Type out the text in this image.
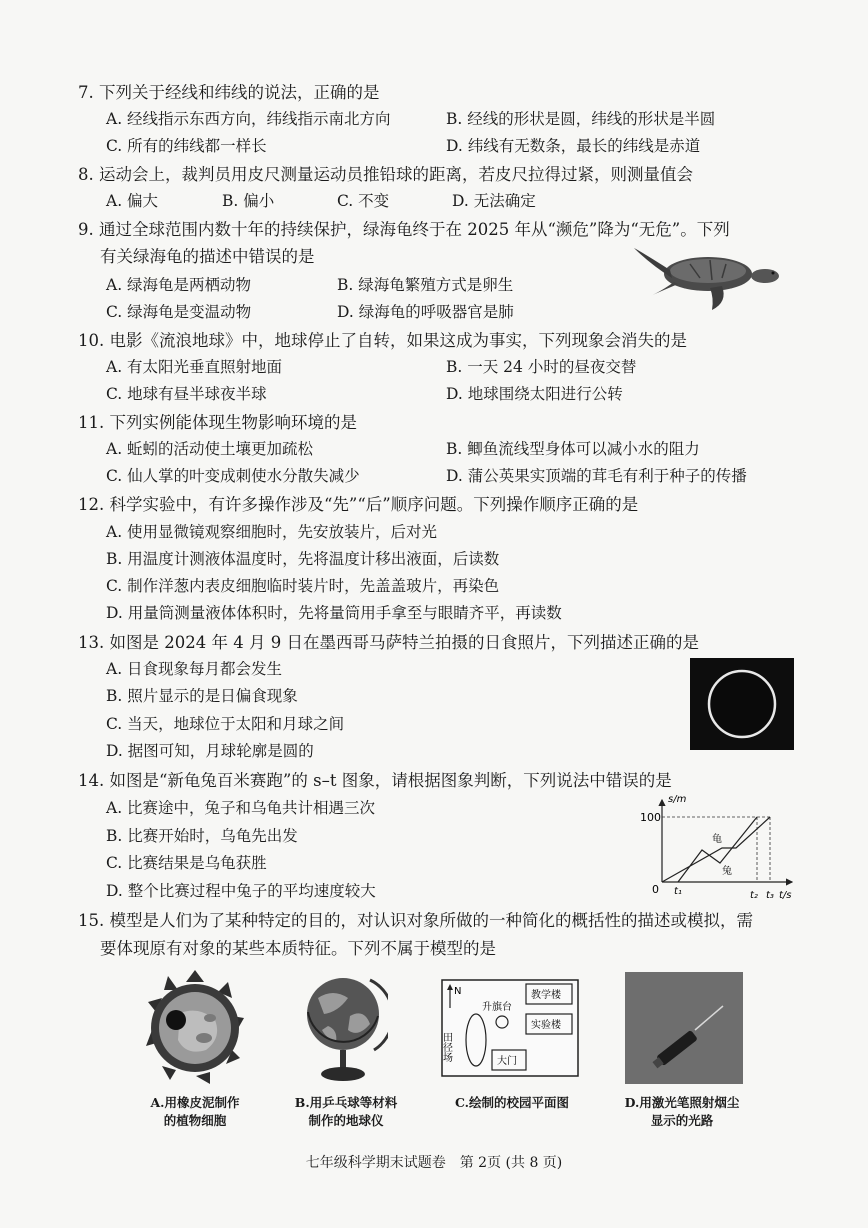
7. 下列关于经线和纬线的说法，正确的是
A. 经线指示东西方向，纬线指示南北方向	B. 经线的形状是圆，纬线的形状是半圆
C. 所有的纬线都一样长	D. 纬线有无数条，最长的纬线是赤道
8. 运动会上，裁判员用皮尺测量运动员推铅球的距离，若皮尺拉得过紧，则测量值会
A. 偏大	B. 偏小	C. 不变	D. 无法确定
9. 通过全球范围内数十年的持续保护，绿海龟终于在 2025 年从“濒危”降为“无危”。下列
有关绿海龟的描述中错误的是
A. 绿海龟是两栖动物	B. 绿海龟繁殖方式是卵生
C. 绿海龟是变温动物	D. 绿海龟的呼吸器官是肺
10. 电影《流浪地球》中，地球停止了自转，如果这成为事实，下列现象会消失的是
A. 有太阳光垂直照射地面	B. 一天 24 小时的昼夜交替
C. 地球有昼半球夜半球	D. 地球围绕太阳进行公转
11. 下列实例能体现生物影响环境的是
A. 蚯蚓的活动使土壤更加疏松	B. 鲫鱼流线型身体可以减小水的阻力
C. 仙人掌的叶变成刺使水分散失减少	D. 蒲公英果实顶端的茸毛有利于种子的传播
12. 科学实验中，有许多操作涉及“先”“后”顺序问题。下列操作顺序正确的是
A. 使用显微镜观察细胞时，先安放装片，后对光
B. 用温度计测液体温度时，先将温度计移出液面，后读数
C. 制作洋葱内表皮细胞临时装片时，先盖盖玻片，再染色
D. 用量筒测量液体体积时，先将量筒用手拿至与眼睛齐平，再读数
13. 如图是 2024 年 4 月 9 日在墨西哥马萨特兰拍摄的日食照片，下列描述正确的是
A. 日食现象每月都会发生
B. 照片显示的是日偏食现象
C. 当天，地球位于太阳和月球之间
D. 据图可知，月球轮廓是圆的
14. 如图是“新龟兔百米赛跑”的 s–t 图象，请根据图象判断，下列说法中错误的是
A. 比赛途中，兔子和乌龟共计相遇三次
B. 比赛开始时，乌龟先出发
C. 比赛结果是乌龟获胜
D. 整个比赛过程中兔子的平均速度较大
s/m
100
0 t₁	t₂ t₃ t/s
龟
兔
15. 模型是人们为了某种特定的目的，对认识对象所做的一种简化的概括性的描述或模拟，需
要体现原有对象的某些本质特征。下列不属于模型的是
N
升旗台
教学楼
实验楼
田径场	大门
A.用橡皮泥制作
的植物细胞
B.用乒乓球等材料
制作的地球仪
C.绘制的校园平面图	D.用激光笔照射烟尘
显示的光路
七年级科学期末试题卷　第 2页 (共 8 页)
